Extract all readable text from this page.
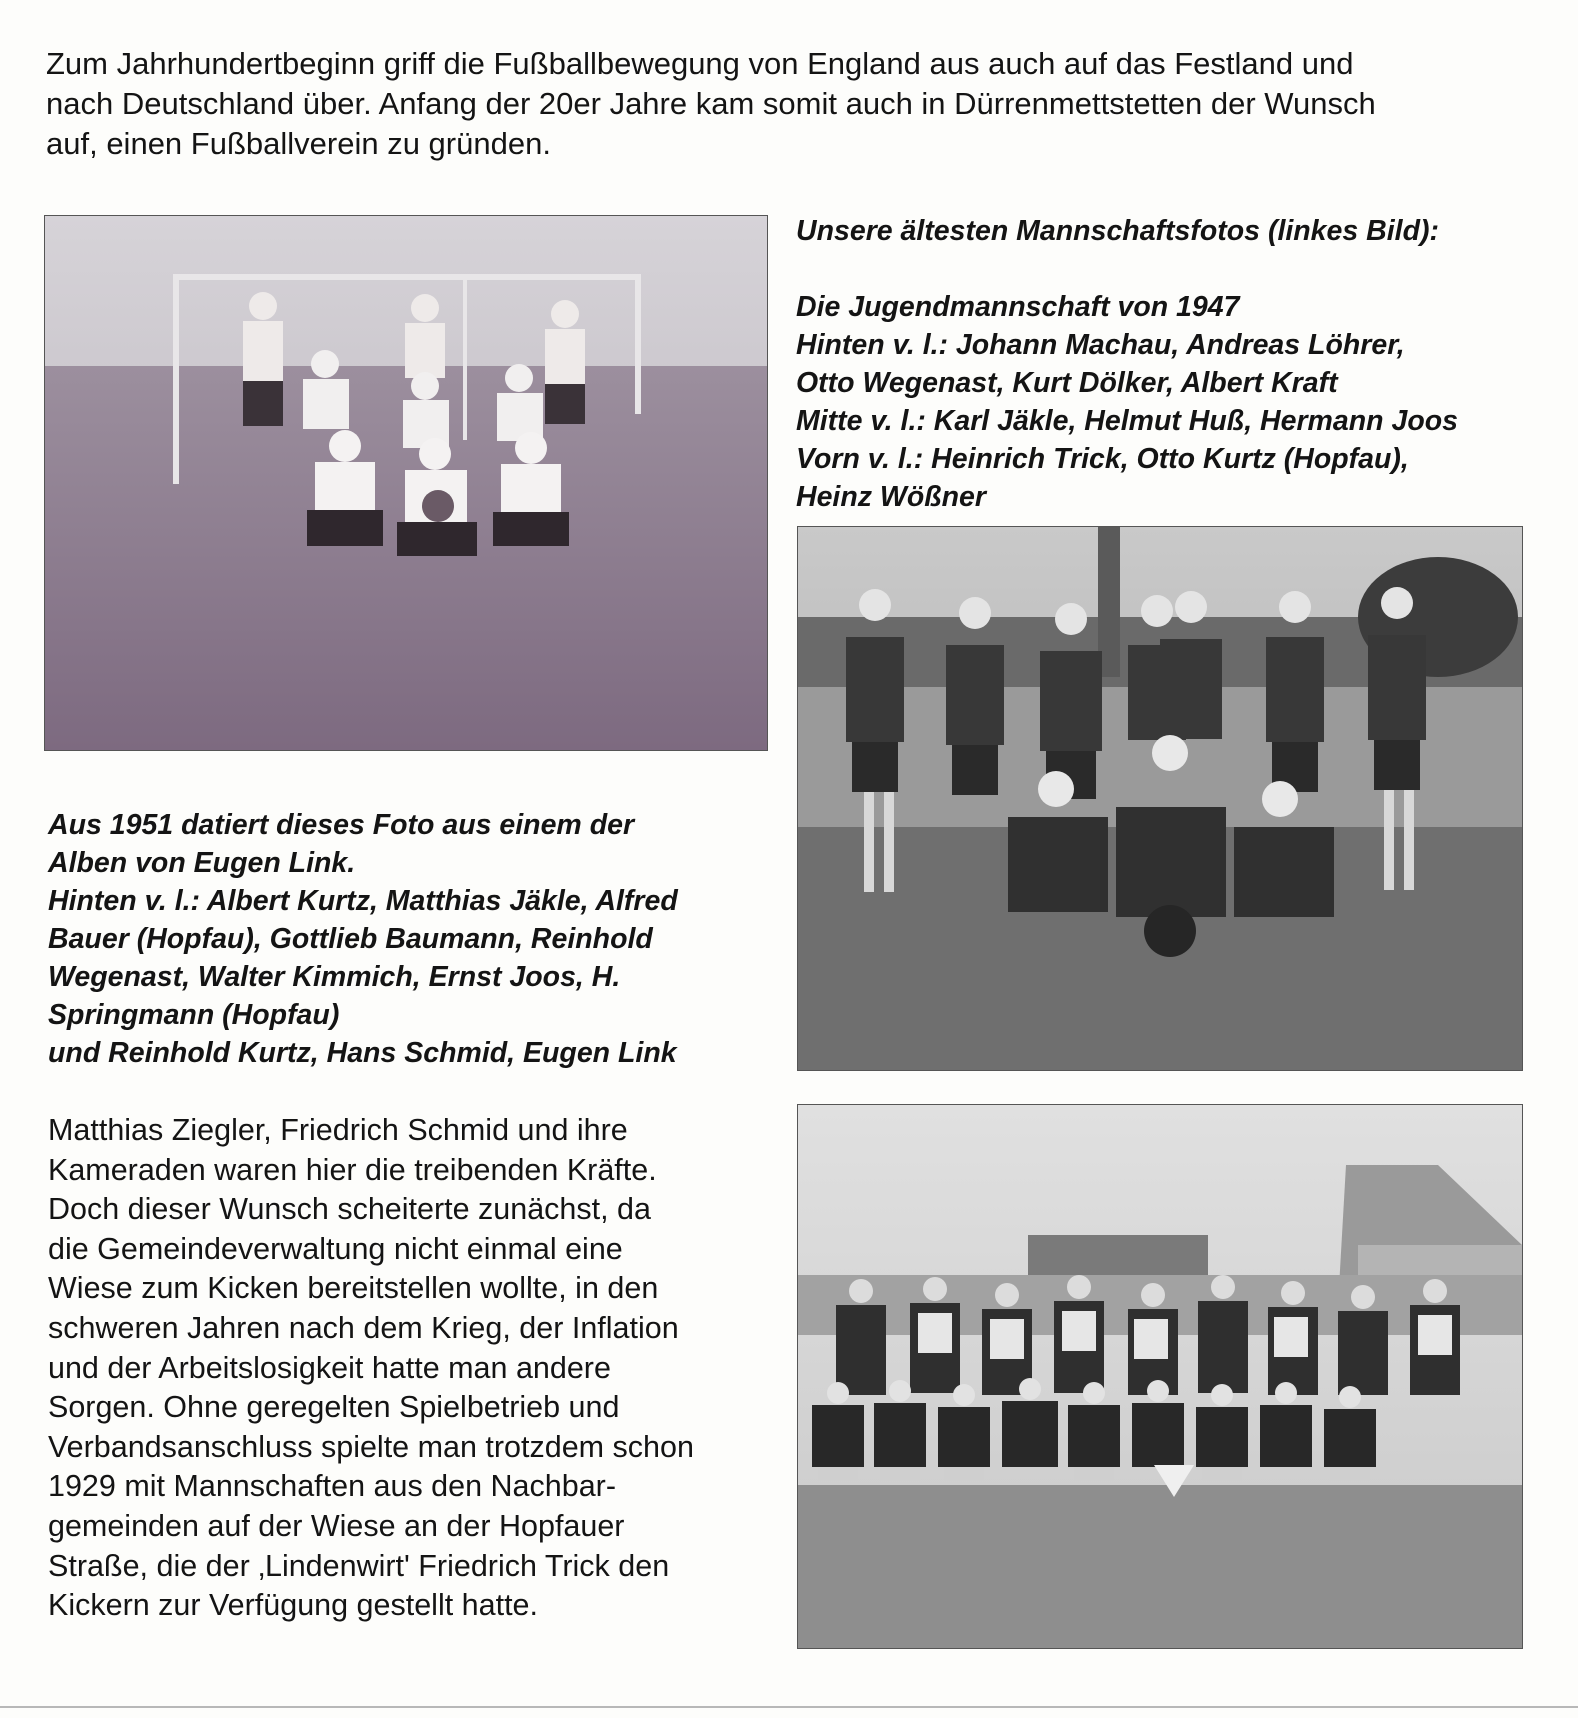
Zum Jahrhundertbeginn griff die Fußballbewegung von England aus auch auf das Festland und
nach Deutschland über. Anfang der 20er Jahre kam somit auch in Dürrenmettstetten der Wunsch
auf, einen Fußballverein zu gründen.
Unsere ältesten Mannschaftsfotos (linkes Bild):
Die Jugendmannschaft von 1947
Hinten v. l.: Johann Machau, Andreas Löhrer,
Otto Wegenast, Kurt Dölker, Albert Kraft
Mitte v. l.: Karl Jäkle, Helmut Huß, Hermann Joos
Vorn v. l.: Heinrich Trick, Otto Kurtz (Hopfau),
Heinz Wößner
Aus 1951 datiert dieses Foto aus einem der
Alben von Eugen Link.
Hinten v. l.: Albert Kurtz, Matthias Jäkle, Alfred
Bauer (Hopfau), Gottlieb Baumann, Reinhold
Wegenast, Walter Kimmich, Ernst Joos, H.
Springmann (Hopfau)
und Reinhold Kurtz, Hans Schmid, Eugen Link
Matthias Ziegler, Friedrich Schmid und ihre
Kameraden waren hier die treibenden Kräfte.
Doch dieser Wunsch scheiterte zunächst, da
die Gemeindeverwaltung nicht einmal eine
Wiese zum Kicken bereitstellen wollte, in den
schweren Jahren nach dem Krieg, der Inflation
und der Arbeitslosigkeit hatte man andere
Sorgen. Ohne geregelten Spielbetrieb und
Verbandsanschluss spielte man trotzdem schon
1929 mit Mannschaften aus den Nachbar-
gemeinden auf der Wiese an der Hopfauer
Straße, die der ‚Lindenwirt' Friedrich Trick den
Kickern zur Verfügung gestellt hatte.
